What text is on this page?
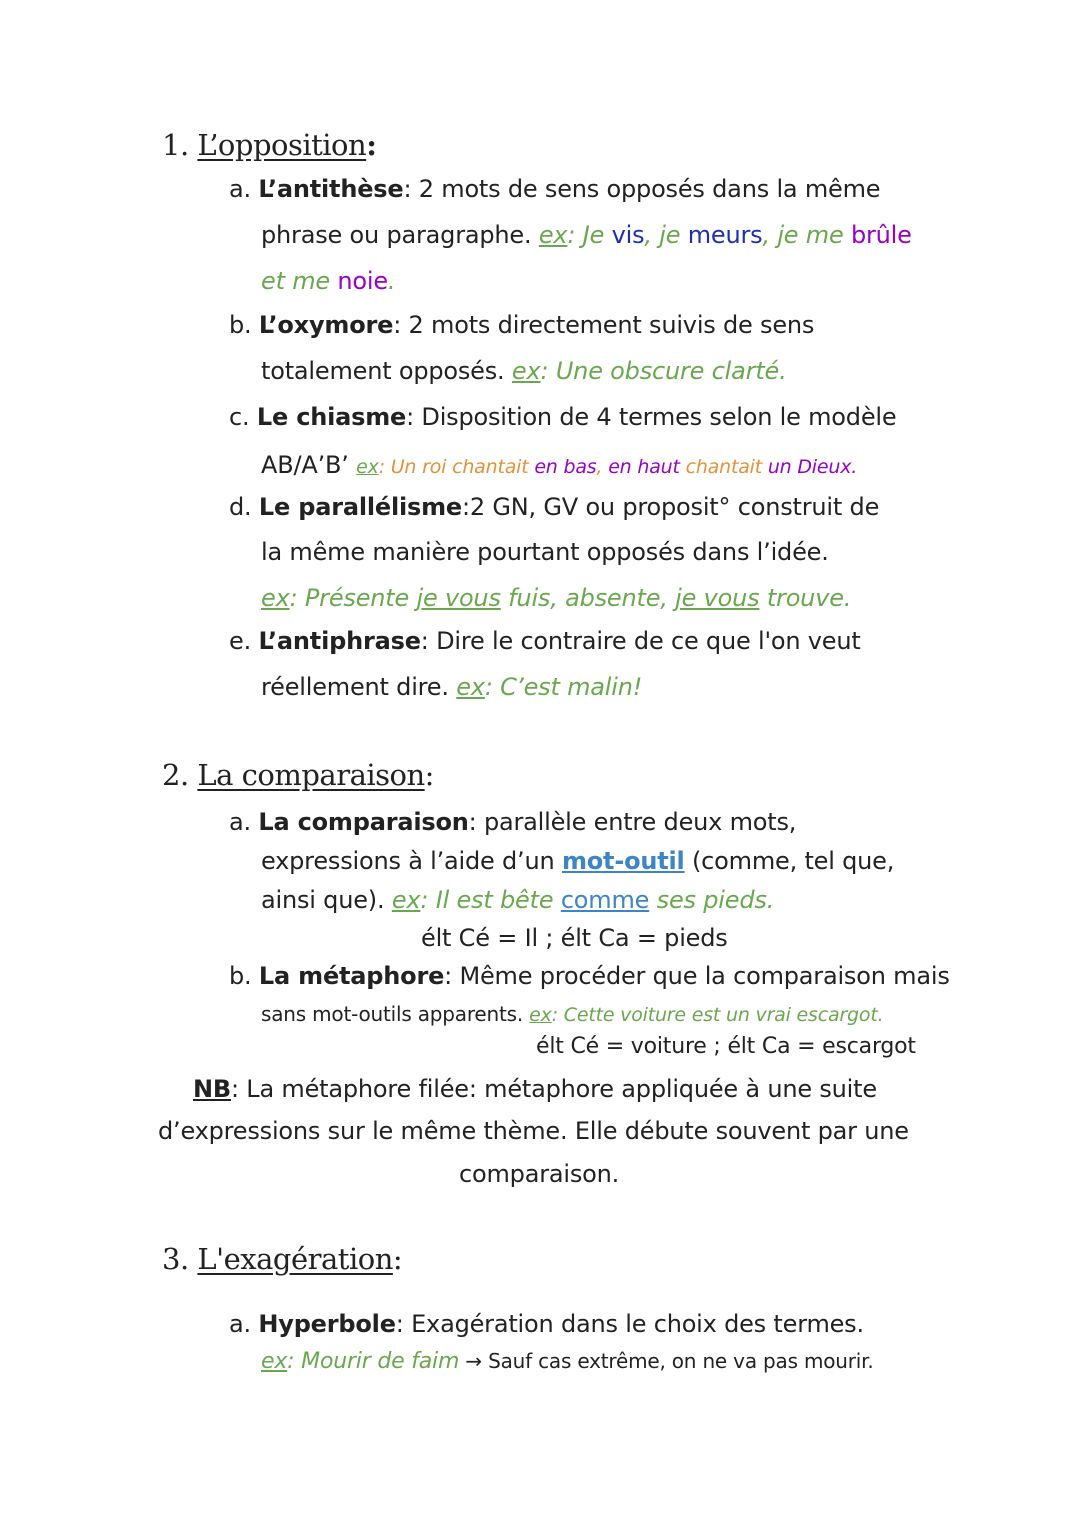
1. L’opposition:
a. L’antithèse: 2 mots de sens opposés dans la même
phrase ou paragraphe. ex: Je vis, je meurs, je me brûle
et me noie.
b. L’oxymore: 2 mots directement suivis de sens
totalement opposés. ex: Une obscure clarté.
c. Le chiasme: Disposition de 4 termes selon le modèle
AB/A’B’ ex: Un roi chantait en bas, en haut chantait un Dieux.
d. Le parallélisme:2 GN, GV ou proposit° construit de
la même manière pourtant opposés dans l’idée.
ex: Présente je vous fuis, absente, je vous trouve.
e. L’antiphrase: Dire le contraire de ce que l'on veut
réellement dire. ex: C’est malin!
2. La comparaison:
a. La comparaison: parallèle entre deux mots,
expressions à l’aide d’un mot-outil (comme, tel que,
ainsi que). ex: Il est bête comme ses pieds.
élt Cé = Il ; élt Ca = pieds
b. La métaphore: Même procéder que la comparaison mais
sans mot-outils apparents. ex: Cette voiture est un vrai escargot.
élt Cé = voiture ; élt Ca = escargot
NB: La métaphore filée: métaphore appliquée à une suite
d’expressions sur le même thème. Elle débute souvent par une
comparaison.
3. L'exagération:
a. Hyperbole: Exagération dans le choix des termes.
ex: Mourir de faim → Sauf cas extrême, on ne va pas mourir.
